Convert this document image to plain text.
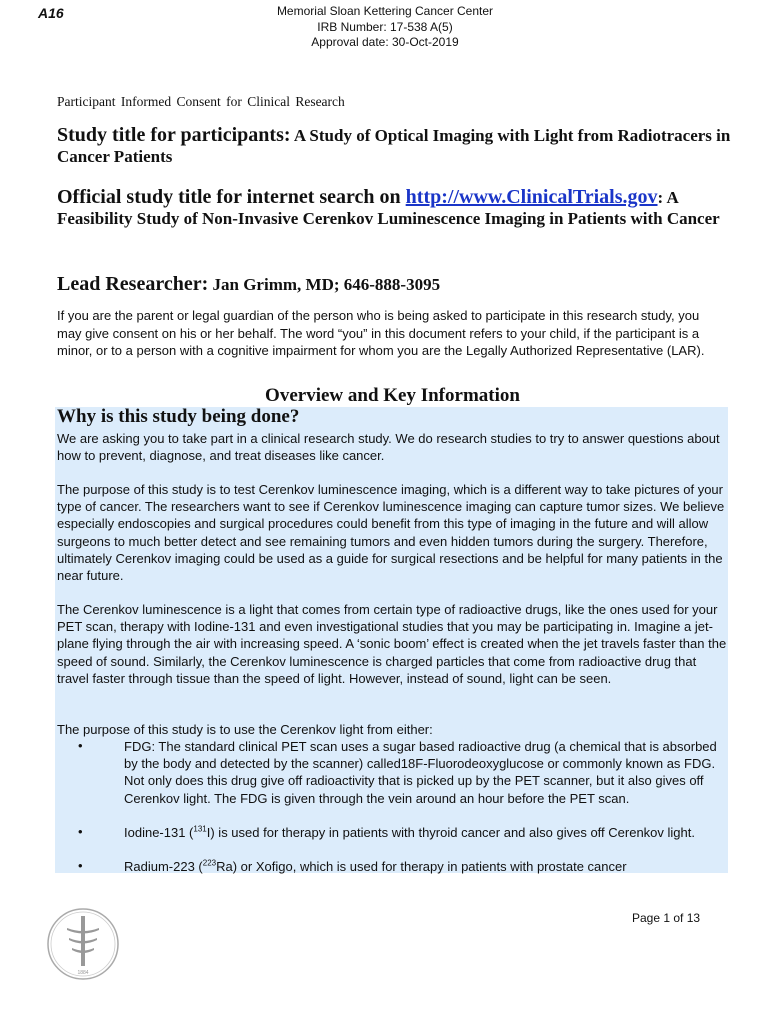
A16	Memorial Sloan Kettering Cancer Center
IRB Number: 17-538 A(5)
Approval date: 30-Oct-2019
Participant Informed Consent for Clinical Research
Study title for participants: A Study of Optical Imaging with Light from Radiotracers in Cancer Patients
Official study title for internet search on http://www.ClinicalTrials.gov: A Feasibility Study of Non-Invasive Cerenkov Luminescence Imaging in Patients with Cancer
Lead Researcher: Jan Grimm, MD; 646-888-3095
If you are the parent or legal guardian of the person who is being asked to participate in this research study, you may give consent on his or her behalf. The word “you” in this document refers to your child, if the participant is a minor, or to a person with a cognitive impairment for whom you are the Legally Authorized Representative (LAR).
Overview and Key Information
Why is this study being done?
We are asking you to take part in a clinical research study. We do research studies to try to answer questions about how to prevent, diagnose, and treat diseases like cancer.
The purpose of this study is to test Cerenkov luminescence imaging, which is a different way to take pictures of your type of cancer. The researchers want to see if Cerenkov luminescence imaging can capture tumor sizes. We believe especially endoscopies and surgical procedures could benefit from this type of imaging in the future and will allow surgeons to much better detect and see remaining tumors and even hidden tumors during the surgery. Therefore, ultimately Cerenkov imaging could be used as a guide for surgical resections and be helpful for many patients in the near future.
The Cerenkov luminescence is a light that comes from certain type of radioactive drugs, like the ones used for your PET scan, therapy with Iodine-131 and even investigational studies that you may be participating in. Imagine a jet-plane flying through the air with increasing speed. A ‘sonic boom’ effect is created when the jet travels faster than the speed of sound. Similarly, the Cerenkov luminescence is charged particles that come from radioactive drug that travel faster through tissue than the speed of light. However, instead of sound, light can be seen.
The purpose of this study is to use the Cerenkov light from either:
•	FDG: The standard clinical PET scan uses a sugar based radioactive drug (a chemical that is absorbed by the body and detected by the scanner) called18F-Fluorodeoxyglucose or commonly known as FDG. Not only does this drug give off radioactivity that is picked up by the PET scanner, but it also gives off Cerenkov light. The FDG is given through the vein around an hour before the PET scan.
•	Iodine-131 ($^{131}$I) is used for therapy in patients with thyroid cancer and also gives off Cerenkov light.
•	Radium-223 ($^{223}$Ra) or Xofigo, which is used for therapy in patients with prostate cancer
Page 1 of 13
1884
